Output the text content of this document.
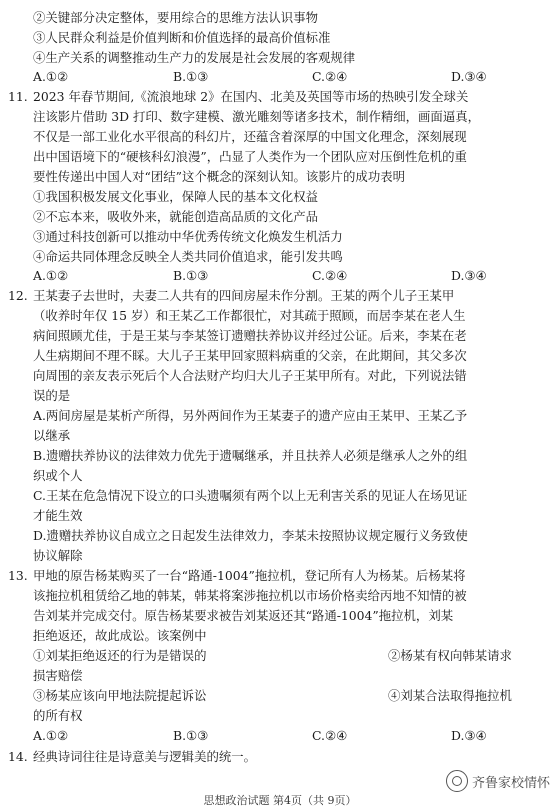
②关键部分决定整体，要用综合的思维方法认识事物
③人民群众利益是价值判断和价值选择的最高价值标准
④生产关系的调整推动生产力的发展是社会发展的客观规律
A.①②	B.①③	C.②④	D.③④
11. 2023 年春节期间,《流浪地球 2》在国内、北美及英国等市场的热映引发全球关
注该影片借助 3D 打印、数字建模、激光雕刻等诸多技术，制作精细，画面逼真，
不仅是一部工业化水平很高的科幻片，还蕴含着深厚的中国文化理念，深刻展现
出中国语境下的“硬核科幻浪漫”，凸显了人类作为一个团队应对压倒性危机的重
要性传递出中国人对“团结”这个概念的深刻认知。该影片的成功表明
①我国积极发展文化事业，保障人民的基本文化权益
②不忘本来，吸收外来，就能创造高品质的文化产品
③通过科技创新可以推动中华优秀传统文化焕发生机活力
④命运共同体理念反映全人类共同价值追求，能引发共鸣
A.①②	B.①③	C.②④	D.③④
12. 王某妻子去世时，夫妻二人共有的四间房屋未作分割。王某的两个儿子王某甲
（收养时年仅 15 岁）和王某乙工作都很忙，对其疏于照顾，而居李某在老人生
病间照顾尤佳，于是王某与李某签订遗赠扶养协议并经过公证。后来，李某在老
人生病期间不理不睬。大儿子王某甲回家照料病重的父亲，在此期间，其父多次
向周围的亲友表示死后个人合法财产均归大儿子王某甲所有。对此，下列说法错
误的是
A.两间房屋是某析产所得，另外两间作为王某妻子的遗产应由王某甲、王某乙予
以继承
B.遗赠扶养协议的法律效力优先于遗嘱继承，并且扶养人必须是继承人之外的组
织或个人
C.王某在危急情况下设立的口头遗嘱须有两个以上无利害关系的见证人在场见证
才能生效
D.遗赠扶养协议自成立之日起发生法律效力，李某未按照协议规定履行义务致使
协议解除
13. 甲地的原告杨某购买了一台“路通-1004”拖拉机，登记所有人为杨某。后杨某将
该拖拉机租赁给乙地的韩某，韩某将案涉拖拉机以市场价格卖给丙地不知情的被
告刘某并完成交付。原告杨某要求被告刘某返还其“路通-1004”拖拉机，刘某
拒绝返还，故此成讼。该案例中
①刘某拒绝返还的行为是错误的	②杨某有权向韩某请求
损害赔偿
③杨某应该向甲地法院提起诉讼	④刘某合法取得拖拉机
的所有权
A.①②	B.①③	C.②④	D.③④
14. 经典诗词往往是诗意美与逻辑美的统一。
齐鲁家校情怀
思想政治试题 第4页（共 9页）
